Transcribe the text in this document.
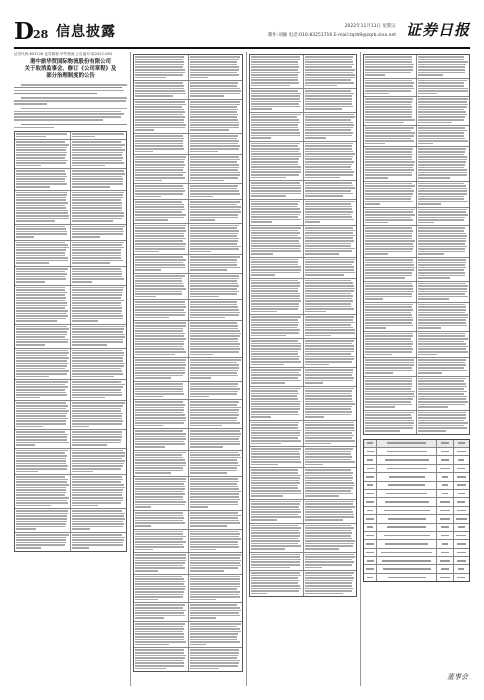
D 28 信息披露	2022年11月11日 星期五
制作:刘颖 电话:010-83251716 E-mail:zqrb9@zqrb.sina.net 证券日报
证券代码:603128 证券简称:华贸物流 公告编号:临2022-083
港中旅华贸国际物流股份有限公司
关于取消监事会、修订《公司章程》及
部分治理制度的公告
董事会
